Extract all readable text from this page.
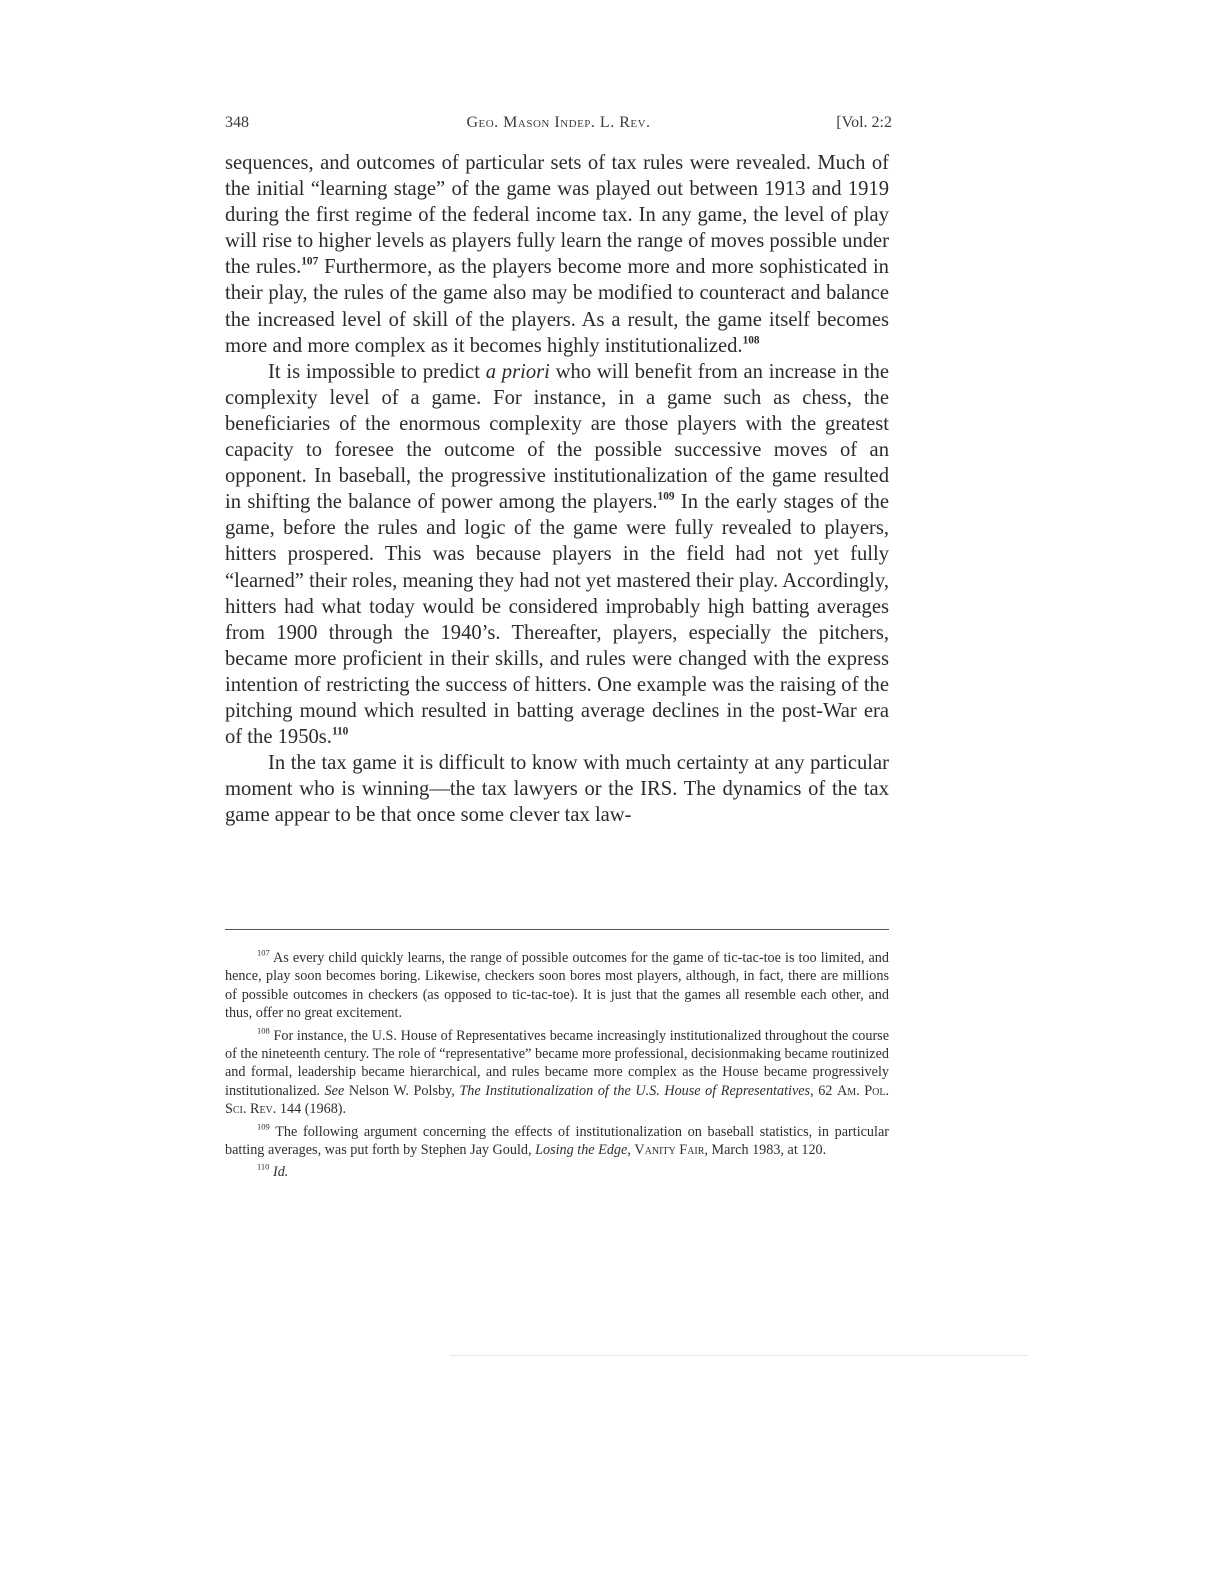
348	Geo. Mason Indep. L. Rev.	[Vol. 2:2

sequences, and outcomes of particular sets of tax rules were revealed. Much of the initial “learning stage” of the game was played out between 1913 and 1919 during the first regime of the federal income tax. In any game, the level of play will rise to higher levels as players fully learn the range of moves possible under the rules.$^{107}$ Furthermore, as the players become more and more sophisticated in their play, the rules of the game also may be modified to counteract and balance the increased level of skill of the players. As a result, the game itself becomes more and more complex as it becomes highly institutionalized.$^{108}$

It is impossible to predict a priori who will benefit from an increase in the complexity level of a game. For instance, in a game such as chess, the beneficiaries of the enormous complexity are those players with the greatest capacity to foresee the outcome of the possible successive moves of an opponent. In baseball, the progressive institutionalization of the game resulted in shifting the balance of power among the players.$^{109}$ In the early stages of the game, before the rules and logic of the game were fully revealed to players, hitters prospered. This was because players in the field had not yet fully “learned” their roles, meaning they had not yet mastered their play. Accordingly, hitters had what today would be considered improbably high batting averages from 1900 through the 1940’s. Thereafter, players, especially the pitchers, became more proficient in their skills, and rules were changed with the express intention of restricting the success of hitters. One example was the raising of the pitching mound which resulted in batting average declines in the post-War era of the 1950s.$^{110}$

In the tax game it is difficult to know with much certainty at any particular moment who is winning—the tax lawyers or the IRS. The dynamics of the tax game appear to be that once some clever tax law-

$^{107}$ As every child quickly learns, the range of possible outcomes for the game of tic-tac-toe is too limited, and hence, play soon becomes boring. Likewise, checkers soon bores most players, although, in fact, there are millions of possible outcomes in checkers (as opposed to tic-tac-toe). It is just that the games all resemble each other, and thus, offer no great excitement.

$^{108}$ For instance, the U.S. House of Representatives became increasingly institutionalized throughout the course of the nineteenth century. The role of “representative” became more professional, decisionmaking became routinized and formal, leadership became hierarchical, and rules became more complex as the House became progressively institutionalized. See Nelson W. Polsby, The Institutionalization of the U.S. House of Representatives, 62 Am. Pol. Sci. Rev. 144 (1968).

$^{109}$ The following argument concerning the effects of institutionalization on baseball statistics, in particular batting averages, was put forth by Stephen Jay Gould, Losing the Edge, Vanity Fair, March 1983, at 120.

$^{110}$ Id.
